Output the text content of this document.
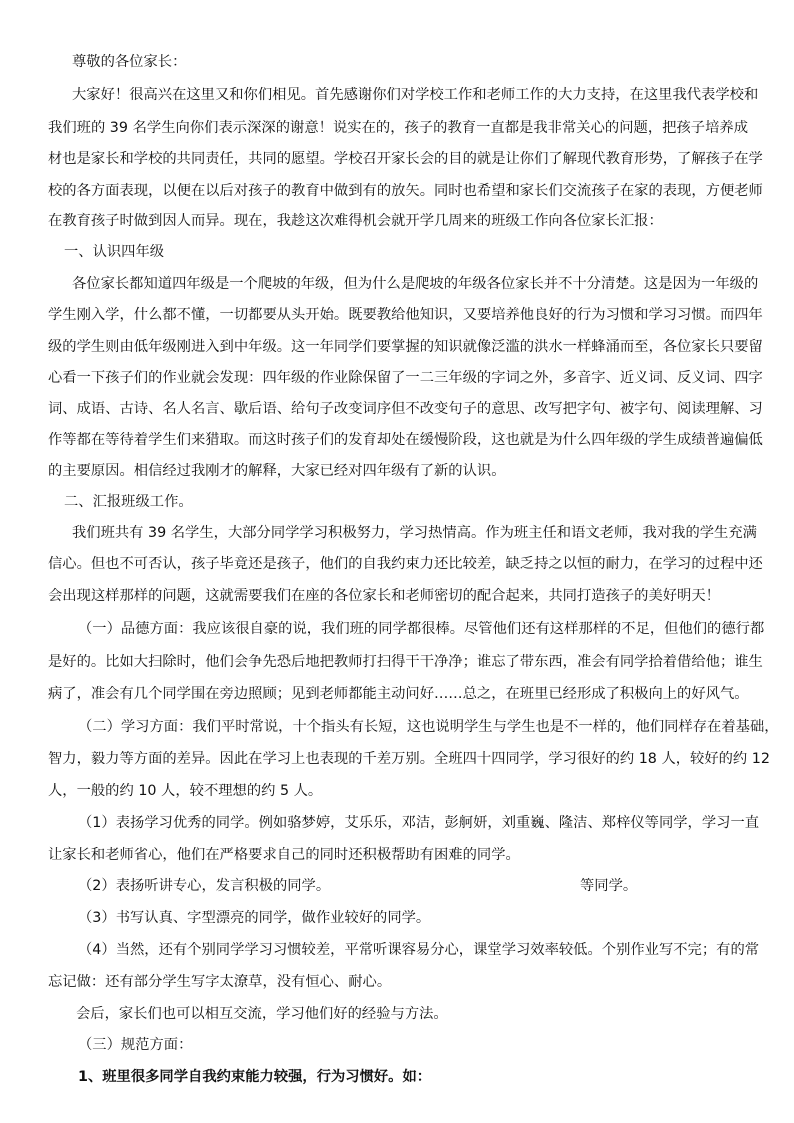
尊敬的各位家长：
大家好！很高兴在这里又和你们相见。首先感谢你们对学校工作和老师工作的大力支持，在这里我代表学校和
我们班的 39 名学生向你们表示深深的谢意！说实在的，孩子的教育一直都是我非常关心的问题，把孩子培养成
材也是家长和学校的共同责任，共同的愿望。学校召开家长会的目的就是让你们了解现代教育形势，了解孩子在学
校的各方面表现，以便在以后对孩子的教育中做到有的放矢。同时也希望和家长们交流孩子在家的表现，方便老师
在教育孩子时做到因人而异。现在，我趁这次难得机会就开学几周来的班级工作向各位家长汇报：
一、认识四年级
各位家长都知道四年级是一个爬坡的年级，但为什么是爬坡的年级各位家长并不十分清楚。这是因为一年级的
学生刚入学，什么都不懂，一切都要从头开始。既要教给他知识，又要培养他良好的行为习惯和学习习惯。而四年
级的学生则由低年级刚进入到中年级。这一年同学们要掌握的知识就像泛滥的洪水一样蜂涌而至，各位家长只要留
心看一下孩子们的作业就会发现：四年级的作业除保留了一二三年级的字词之外，多音字、近义词、反义词、四字
词、成语、古诗、名人名言、歇后语、给句子改变词序但不改变句子的意思、改写把字句、被字句、阅读理解、习
作等都在等待着学生们来猎取。而这时孩子们的发育却处在缓慢阶段，这也就是为什么四年级的学生成绩普遍偏低
的主要原因。相信经过我刚才的解释，大家已经对四年级有了新的认识。
二、汇报班级工作。
我们班共有 39 名学生，大部分同学学习积极努力，学习热情高。作为班主任和语文老师，我对我的学生充满
信心。但也不可否认，孩子毕竟还是孩子，他们的自我约束力还比较差，缺乏持之以恒的耐力，在学习的过程中还
会出现这样那样的问题，这就需要我们在座的各位家长和老师密切的配合起来，共同打造孩子的美好明天！
（一）品德方面：我应该很自豪的说，我们班的同学都很棒。尽管他们还有这样那样的不足，但他们的德行都
是好的。比如大扫除时，他们会争先恐后地把教师打扫得干干净净；谁忘了带东西，准会有同学拾着借给他；谁生
病了，准会有几个同学围在旁边照顾；见到老师都能主动问好……总之，在班里已经形成了积极向上的好风气。
（二）学习方面：我们平时常说，十个指头有长短，这也说明学生与学生也是不一样的，他们同样存在着基础，
智力，毅力等方面的差异。因此在学习上也表现的千差万别。全班四十四同学，学习很好的约 18 人，较好的约 12
人，一般的约 10 人，较不理想的约 5 人。
（1）表扬学习优秀的同学。例如骆梦婷，艾乐乐，邓洁，彭舸妍，刘重巍、隆洁、郑梓仪等同学，学习一直
让家长和老师省心，他们在严格要求自己的同时还积极帮助有困难的同学。
（2）表扬听讲专心，发言积极的同学。	等同学。
（3）书写认真、字型漂亮的同学，做作业较好的同学。
（4）当然，还有个别同学学习习惯较差，平常听课容易分心，课堂学习效率较低。个别作业写不完；有的常
忘记做：还有部分学生写字太潦草，没有恒心、耐心。
会后，家长们也可以相互交流，学习他们好的经验与方法。
（三）规范方面：
1、班里很多同学自我约束能力较强，行为习惯好。如：
